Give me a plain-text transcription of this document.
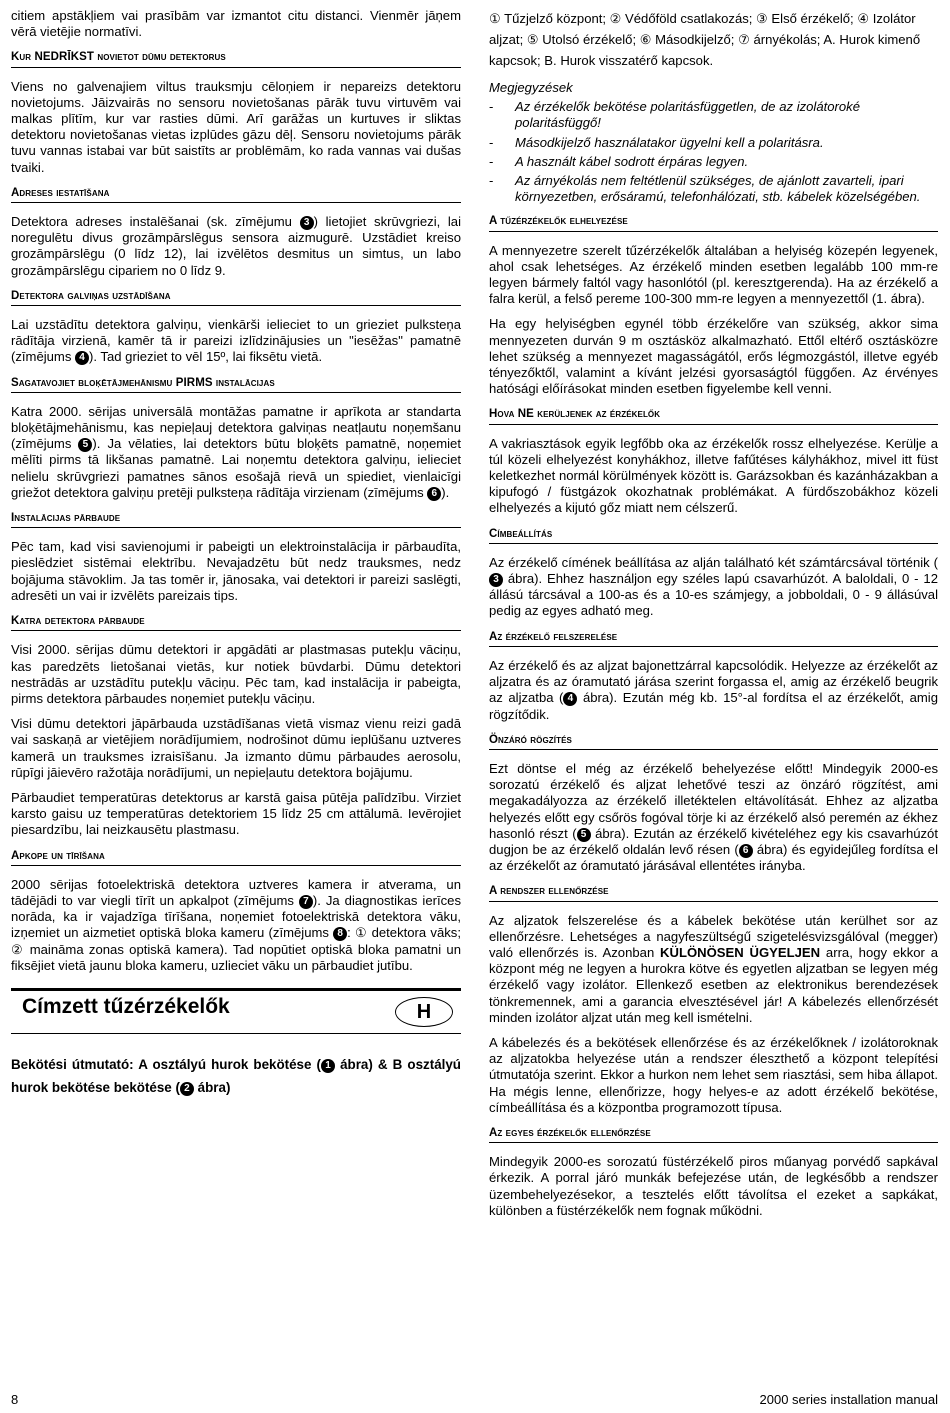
citiem apstākļiem vai prasībām var izmantot citu distanci. Vienmēr jāņem vērā vietējie normatīvi.

Kur NEDRĪKST novietot dūmu detektorus

Viens no galvenajiem viltus trauksmju cēloņiem ir nepareizs detektoru novietojums. Jāizvairās no sensoru novietošanas pārāk tuvu virtuvēm vai malkas plītīm, kur var rasties dūmi. Arī garāžas un kurtuves ir sliktas detektoru novietošanas vietas izplūdes gāzu dēļ. Sensoru novietojums pārāk tuvu vannas istabai var būt saistīts ar problēmām, ko rada vannas vai dušas tvaiki.

Adreses iestatīšana

Detektora adreses instalēšanai (sk. zīmējumu 3 ) lietojiet skrūvgriezi, lai noregulētu divus grozāmpārslēgus sensora aizmugurē. Uzstādiet kreiso grozāmpārslēgu (0 līdz 12), lai izvēlētos desmitus un simtus, un labo grozāmpārslēgu cipariem no 0 līdz 9.

Detektora galviņas uzstādīšana

Lai uzstādītu detektora galviņu, vienkārši ielieciet to un grieziet pulksteņa rādītāja virzienā, kamēr tā ir pareizi izlīdzinājusies un "iesēžas" pamatnē (zīmējums 4 ). Tad grieziet to vēl 15º, lai fiksētu vietā.

Sagatavojiet bloķētājmehānismu PIRMS instalācijas

Katra 2000. sērijas universālā montāžas pamatne ir aprīkota ar standarta bloķētājmehānismu, kas nepieļauj detektora galviņas neatļautu noņemšanu (zīmējums 5 ). Ja vēlaties, lai detektors būtu bloķēts pamatnē, noņemiet mēlīti pirms tā likšanas pamatnē. Lai noņemtu detektora galviņu, ielieciet nelielu skrūvgriezi pamatnes sānos esošajā rievā un spiediet, vienlaicīgi griežot detektora galviņu pretēji pulksteņa rādītāja virzienam (zīmējums 6 ).

Instalācijas pārbaude

Pēc tam, kad visi savienojumi ir pabeigti un elektroinstalācija ir pārbaudīta, pieslēdziet sistēmai elektrību. Nevajadzētu būt nedz trauksmes, nedz bojājuma stāvoklim. Ja tas tomēr ir, jānosaka, vai detektori ir pareizi saslēgti, adresēti un vai ir izvēlēts pareizais tips.

Katra detektora pārbaude

Visi 2000. sērijas dūmu detektori ir apgādāti ar plastmasas putekļu vāciņu, kas paredzēts lietošanai vietās, kur notiek būvdarbi. Dūmu detektori nestrādās ar uzstādītu putekļu vāciņu. Pēc tam, kad instalācija ir pabeigta, pirms detektora pārbaudes noņemiet putekļu vāciņu.

Visi dūmu detektori jāpārbauda uzstādīšanas vietā vismaz vienu reizi gadā vai saskaņā ar vietējiem norādījumiem, nodrošinot dūmu ieplūšanu uztveres kamerā un trauksmes izraisīšanu. Ja izmanto dūmu pārbaudes aerosolu, rūpīgi jāievēro ražotāja norādījumi, un nepieļautu detektora bojājumu.

Pārbaudiet temperatūras detektorus ar karstā gaisa pūtēja palīdzību. Virziet karsto gaisu uz temperatūras detektoriem 15 līdz 25 cm attālumā. Ievērojiet piesardzību, lai neizkausētu plastmasu.

Apkope un tīrīšana

2000 sērijas fotoelektriskā detektora uztveres kamera ir atverama, un tādējādi to var viegli tīrīt un apkalpot (zīmējums 7 ). Ja diagnostikas ierīces norāda, ka ir vajadzīga tīrīšana, noņemiet fotoelektriskā detektora vāku, izņemiet un aizmetiet optiskā bloka kameru (zīmējums 8 : ① detektora vāks; ② maināma zonas optiskā kamera). Tad nopūtiet optiskā bloka pamatni un fiksējiet vietā jaunu bloka kameru, uzlieciet vāku un pārbaudiet jutību.

Címzett tűzérzékelők	H

Bekötési útmutató: A osztályú hurok bekötése ( 1 ábra) & B osztályú hurok bekötése bekötése ( 2 ábra)

① Tűzjelző központ; ② Védőföld csatlakozás; ③ Első érzékelő; ④ Izolátor aljzat; ⑤ Utolsó érzékelő; ⑥ Másodkijelző; ⑦ árnyékolás; A. Hurok kimenő kapcsok; B. Hurok visszatérő kapcsok.

Megjegyzések
- Az érzékelők bekötése polaritásfüggetlen, de az izolátoroké polaritásfüggő!
- Másodkijelző használatakor ügyelni kell a polaritásra.
- A használt kábel sodrott érpáras legyen.
- Az árnyékolás nem feltétlenül szükséges, de ajánlott zavarteli, ipari környezetben, erősáramú, telefonhálózati, stb. kábelek közelségében.
A tűzérzékelők elhelyezése

A mennyezetre szerelt tűzérzékelők általában a helyiség közepén legyenek, ahol csak lehetséges. Az érzékelő minden esetben legalább 100 mm-re legyen bármely faltól vagy hasonlótól (pl. keresztgerenda). Ha az érzékelő a falra kerül, a felső pereme 100-300 mm-re legyen a mennyezettől (1. ábra).

Ha egy helyiségben egynél több érzékelőre van szükség, akkor sima mennyezeten durván 9 m osztásköz alkalmazható. Ettől eltérő osztásközre lehet szükség a mennyezet magasságától, erős légmozgástól, illetve egyéb tényezőktől, valamint a kívánt jelzési gyorsaságtól függően. Az érvényes hatósági előírásokat minden esetben figyelembe kell venni.

Hova NE kerüljenek az érzékelők

A vakriasztások egyik legfőbb oka az érzékelők rossz elhelyezése. Kerülje a túl közeli elhelyezést konyhákhoz, illetve fafűtéses kályhákhoz, mivel itt füst keletkezhet normál körülmények között is. Garázsokban és kazánházakban a kipufogó / füstgázok okozhatnak problémákat. A fürdőszobákhoz közeli elhelyezés a kijutó gőz miatt nem célszerű.

Címbeállítás

Az érzékelő címének beállítása az alján található két számtárcsával történik (3 ábra). Ehhez használjon egy széles lapú csavarhúzót. A baloldali, 0 - 12 állású tárcsával a 100-as és a 10-es számjegy, a jobboldali, 0 - 9 állásúval pedig az egyes adható meg.

Az érzékelő felszerelése

Az érzékelő és az aljzat bajonettzárral kapcsolódik. Helyezze az érzékelőt az aljzatra és az óramutató járása szerint forgassa el, amig az érzékelő beugrik az aljzatba ( 4 ábra). Ezután még kb. 15°-al fordítsa el az érzékelőt, amig rögzítődik.

Önzáró rögzítés

Ezt döntse el még az érzékelő behelyezése előtt! Mindegyik 2000-es sorozatú érzékelő és aljzat lehetővé teszi az önzáró rögzítést, ami megakadályozza az érzékelő illetéktelen eltávolítását. Ehhez az aljzatba helyezés előtt egy csőrös fogóval törje ki az érzékelő alsó peremén az ékhez hasonló részt ( 5 ábra). Ezután az érzékelő kivételéhez egy kis csavarhúzót dugjon be az érzékelő oldalán levő résen ( 6 ábra) és egyidejűleg fordítsa el az érzékelőt az óramutató járásával ellentétes irányba.

A rendszer ellenőrzése

Az aljzatok felszerelése és a kábelek bekötése után kerülhet sor az ellenőrzésre. Lehetséges a nagyfeszültségű szigetelésvizsgálóval (megger) való ellenőrzés is. Azonban KÜLÖNÖSEN ÜGYELJEN arra, hogy ekkor a központ még ne legyen a hurokra kötve és egyetlen aljzatban se legyen még érzékelő vagy izolátor. Ellenkező esetben az elektronikus berendezések tönkremennek, ami a garancia elvesztésével jár! A kábelezés ellenőrzését minden izolátor aljzat után meg kell ismételni.

A kábelezés és a bekötések ellenőrzése és az érzékelőknek / izolátoroknak az aljzatokba helyezése után a rendszer éleszthető a központ telepítési útmutatója szerint. Ekkor a hurkon nem lehet sem riasztási, sem hiba állapot. Ha mégis lenne, ellenőrizze, hogy helyes-e az adott érzékelő bekötése, címbeállítása és a központba programozott típusa.

Az egyes érzékelők ellenőrzése

Mindegyik 2000-es sorozatú füstérzékelő piros műanyag porvédő sapkával érkezik. A porral járó munkák befejezése után, de legkésőbb a rendszer üzembehelyezésekor, a tesztelés előtt távolítsa el ezeket a sapkákat, különben a füstérzékelők nem fognak működni.

8	2000 series installation manual
